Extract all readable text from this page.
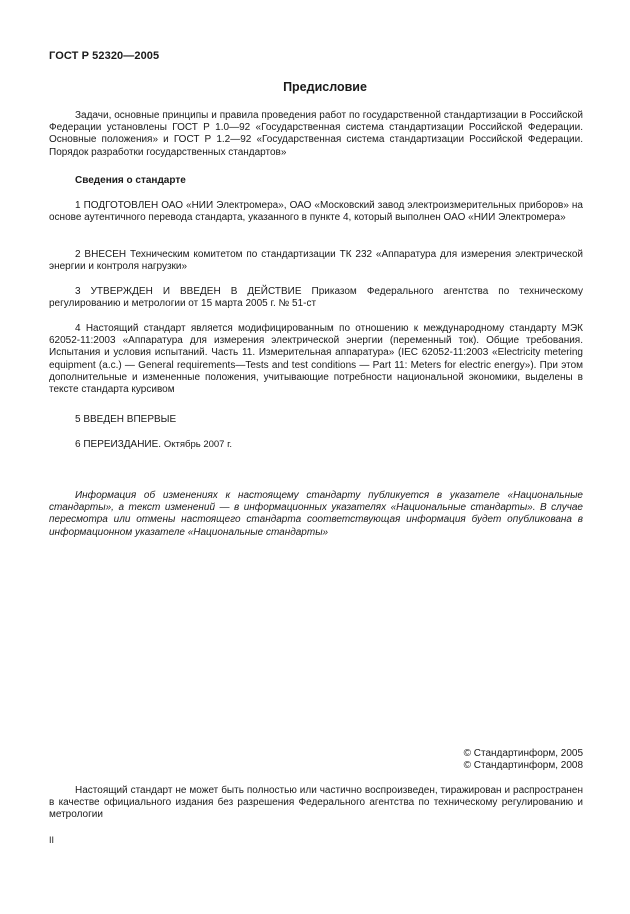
ГОСТ Р 52320—2005
Предисловие

Задачи, основные принципы и правила проведения работ по государственной стандартизации в Российской Федерации установлены ГОСТ Р 1.0—92 «Государственная система стандартизации Российской Федерации. Основные положения» и ГОСТ Р 1.2—92 «Государственная система стандартизации Российской Федерации. Порядок разработки государственных стандартов»

Сведения о стандарте

1 ПОДГОТОВЛЕН ОАО «НИИ Электромера», ОАО «Московский завод электроизмерительных приборов» на основе аутентичного перевода стандарта, указанного в пункте 4, который выполнен ОАО «НИИ Электромера»

2 ВНЕСЕН Техническим комитетом по стандартизации ТК 232 «Аппаратура для измерения электрической энергии и контроля нагрузки»

3 УТВЕРЖДЕН И ВВЕДЕН В ДЕЙСТВИЕ Приказом Федерального агентства по техническому регулированию и метрологии от 15 марта 2005 г. № 51-ст

4 Настоящий стандарт является модифицированным по отношению к международному стандарту МЭК 62052-11:2003 «Аппаратура для измерения электрической энергии (переменный ток). Общие требования. Испытания и условия испытаний. Часть 11. Измерительная аппаратура» (IEC 62052-11:2003 «Electricity metering equipment (a.c.) — General requirements—Tests and test conditions — Part 11: Meters for electric energy»). При этом дополнительные и измененные положения, учитывающие потребности национальной экономики, выделены в тексте стандарта курсивом

5 ВВЕДЕН ВПЕРВЫЕ

6 ПЕРЕИЗДАНИЕ. Октябрь 2007 г.

Информация об изменениях к настоящему стандарту публикуется в указателе «Национальные стандарты», а текст изменений — в информационных указателях «Национальные стандарты». В случае пересмотра или отмены настоящего стандарта соответствующая информация будет опубликована в информационном указателе «Национальные стандарты»

© Стандартинформ, 2005
© Стандартинформ, 2008

Настоящий стандарт не может быть полностью или частично воспроизведен, тиражирован и распространен в качестве официального издания без разрешения Федерального агентства по техническому регулированию и метрологии

II
